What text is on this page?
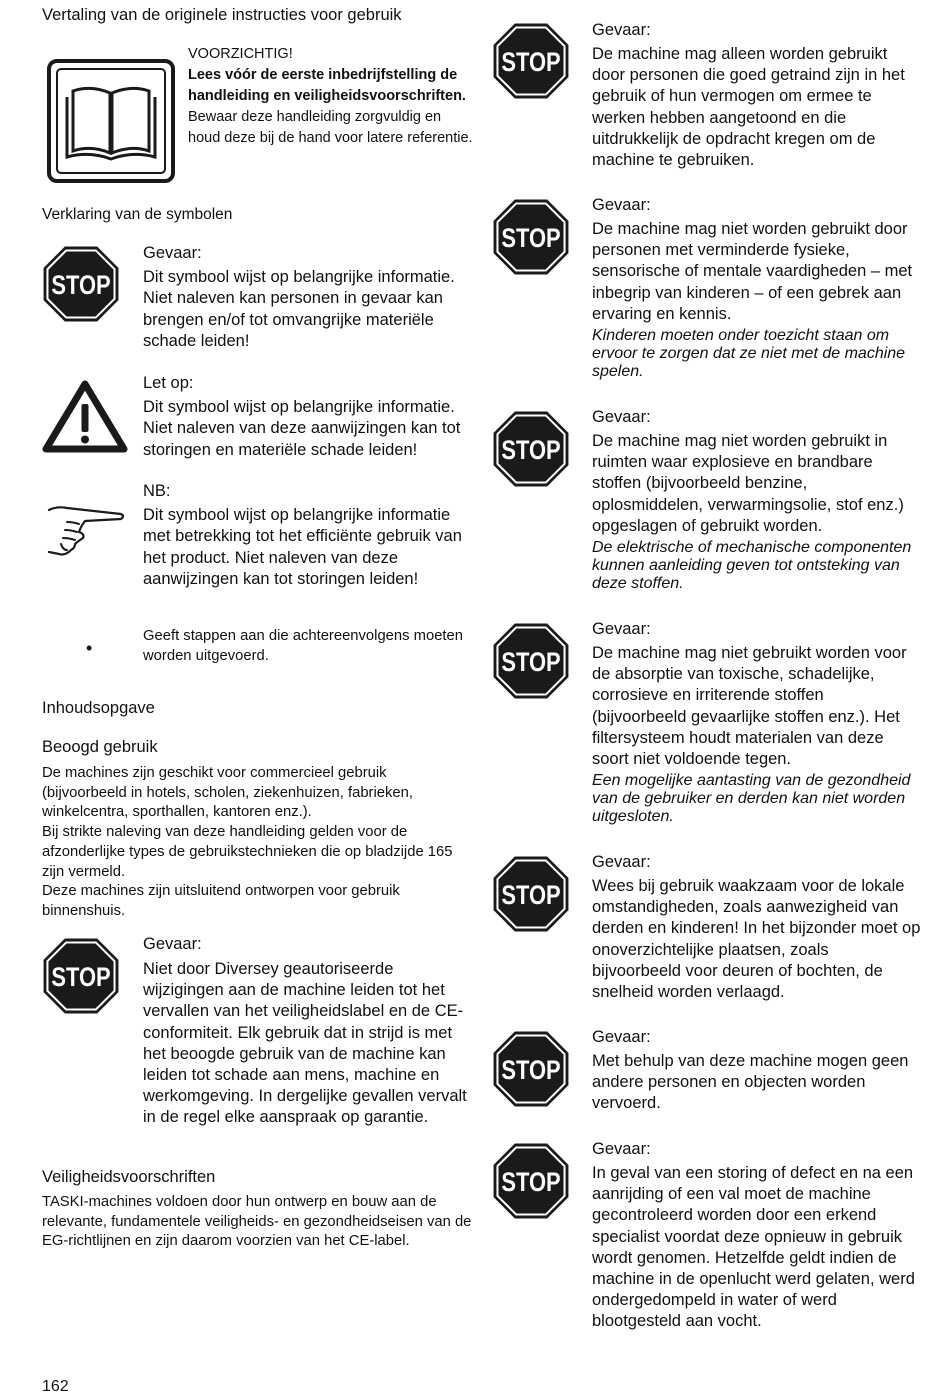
Vertaling van de originele instructies voor gebruik

VOORZICHTIG!

Lees vóór de eerste inbedrijfstelling de handleiding en veiligheidsvoorschriften.

Bewaar deze handleiding zorgvuldig en houd deze bij de hand voor latere referentie.

Verklaring van de symbolen

Gevaar:

Dit symbool wijst op belangrijke informatie. Niet naleven kan personen in gevaar kan brengen en/of tot omvangrijke materiële schade leiden!

Let op:

Dit symbool wijst op belangrijke informatie. Niet naleven van deze aanwijzingen kan tot storingen en materiële schade leiden!

NB:

Dit symbool wijst op belangrijke informatie met betrekking tot het efficiënte gebruik van het product. Niet naleven van deze aanwijzingen kan tot storingen leiden!

•
Geeft stappen aan die achtereenvolgens moeten worden uitgevoerd.
Inhoudsopgave
Beoogd gebruik

De machines zijn geschikt voor commercieel gebruik (bijvoorbeeld in hotels, scholen, ziekenhuizen, fabrieken, winkelcentra, sporthallen, kantoren enz.).

Bij strikte naleving van deze handleiding gelden voor de afzonderlijke types de gebruikstechnieken die op bladzijde 165 zijn vermeld.

Deze machines zijn uitsluitend ontworpen voor gebruik binnenshuis.

Gevaar:

Niet door Diversey geautoriseerde wijzigingen aan de machine leiden tot het vervallen van het veiligheidslabel en de CE-conformiteit. Elk gebruik dat in strijd is met het beoogde gebruik van de machine kan leiden tot schade aan mens, machine en werkomgeving. In dergelijke gevallen vervalt in de regel elke aanspraak op garantie.

Veiligheidsvoorschriften
TASKI-machines voldoen door hun ontwerp en bouw aan de relevante, fundamentele veiligheids- en gezondheidseisen van de EG-richtlijnen en zijn daarom voorzien van het CE-label.
162

Gevaar:

De machine mag alleen worden gebruikt door personen die goed getraind zijn in het gebruik of hun vermogen om ermee te werken hebben aangetoond en die uitdrukkelijk de opdracht kregen om de machine te gebruiken.

Gevaar:

De machine mag niet worden gebruikt door personen met verminderde fysieke, sensorische of mentale vaardigheden – met inbegrip van kinderen – of een gebrek aan ervaring en kennis.

Kinderen moeten onder toezicht staan om ervoor te zorgen dat ze niet met de machine spelen.

Gevaar:

De machine mag niet worden gebruikt in ruimten waar explosieve en brandbare stoffen (bijvoorbeeld benzine, oplosmiddelen, verwarmingsolie, stof enz.) opgeslagen of gebruikt worden.

De elektrische of mechanische componenten kunnen aanleiding geven tot ontsteking van deze stoffen.

Gevaar:

De machine mag niet gebruikt worden voor de absorptie van toxische, schadelijke, corrosieve en irriterende stoffen (bijvoorbeeld gevaarlijke stoffen enz.). Het filtersysteem houdt materialen van deze soort niet voldoende tegen.

Een mogelijke aantasting van de gezondheid van de gebruiker en derden kan niet worden uitgesloten.

Gevaar:

Wees bij gebruik waakzaam voor de lokale omstandigheden, zoals aanwezigheid van derden en kinderen! In het bijzonder moet op onoverzichtelijke plaatsen, zoals bijvoorbeeld voor deuren of bochten, de snelheid worden verlaagd.

Gevaar:

Met behulp van deze machine mogen geen andere personen en objecten worden vervoerd.

Gevaar:

In geval van een storing of defect en na een aanrijding of een val moet de machine gecontroleerd worden door een erkend specialist voordat deze opnieuw in gebruik wordt genomen. Hetzelfde geldt indien de machine in de openlucht werd gelaten, werd ondergedompeld in water of werd blootgesteld aan vocht.
